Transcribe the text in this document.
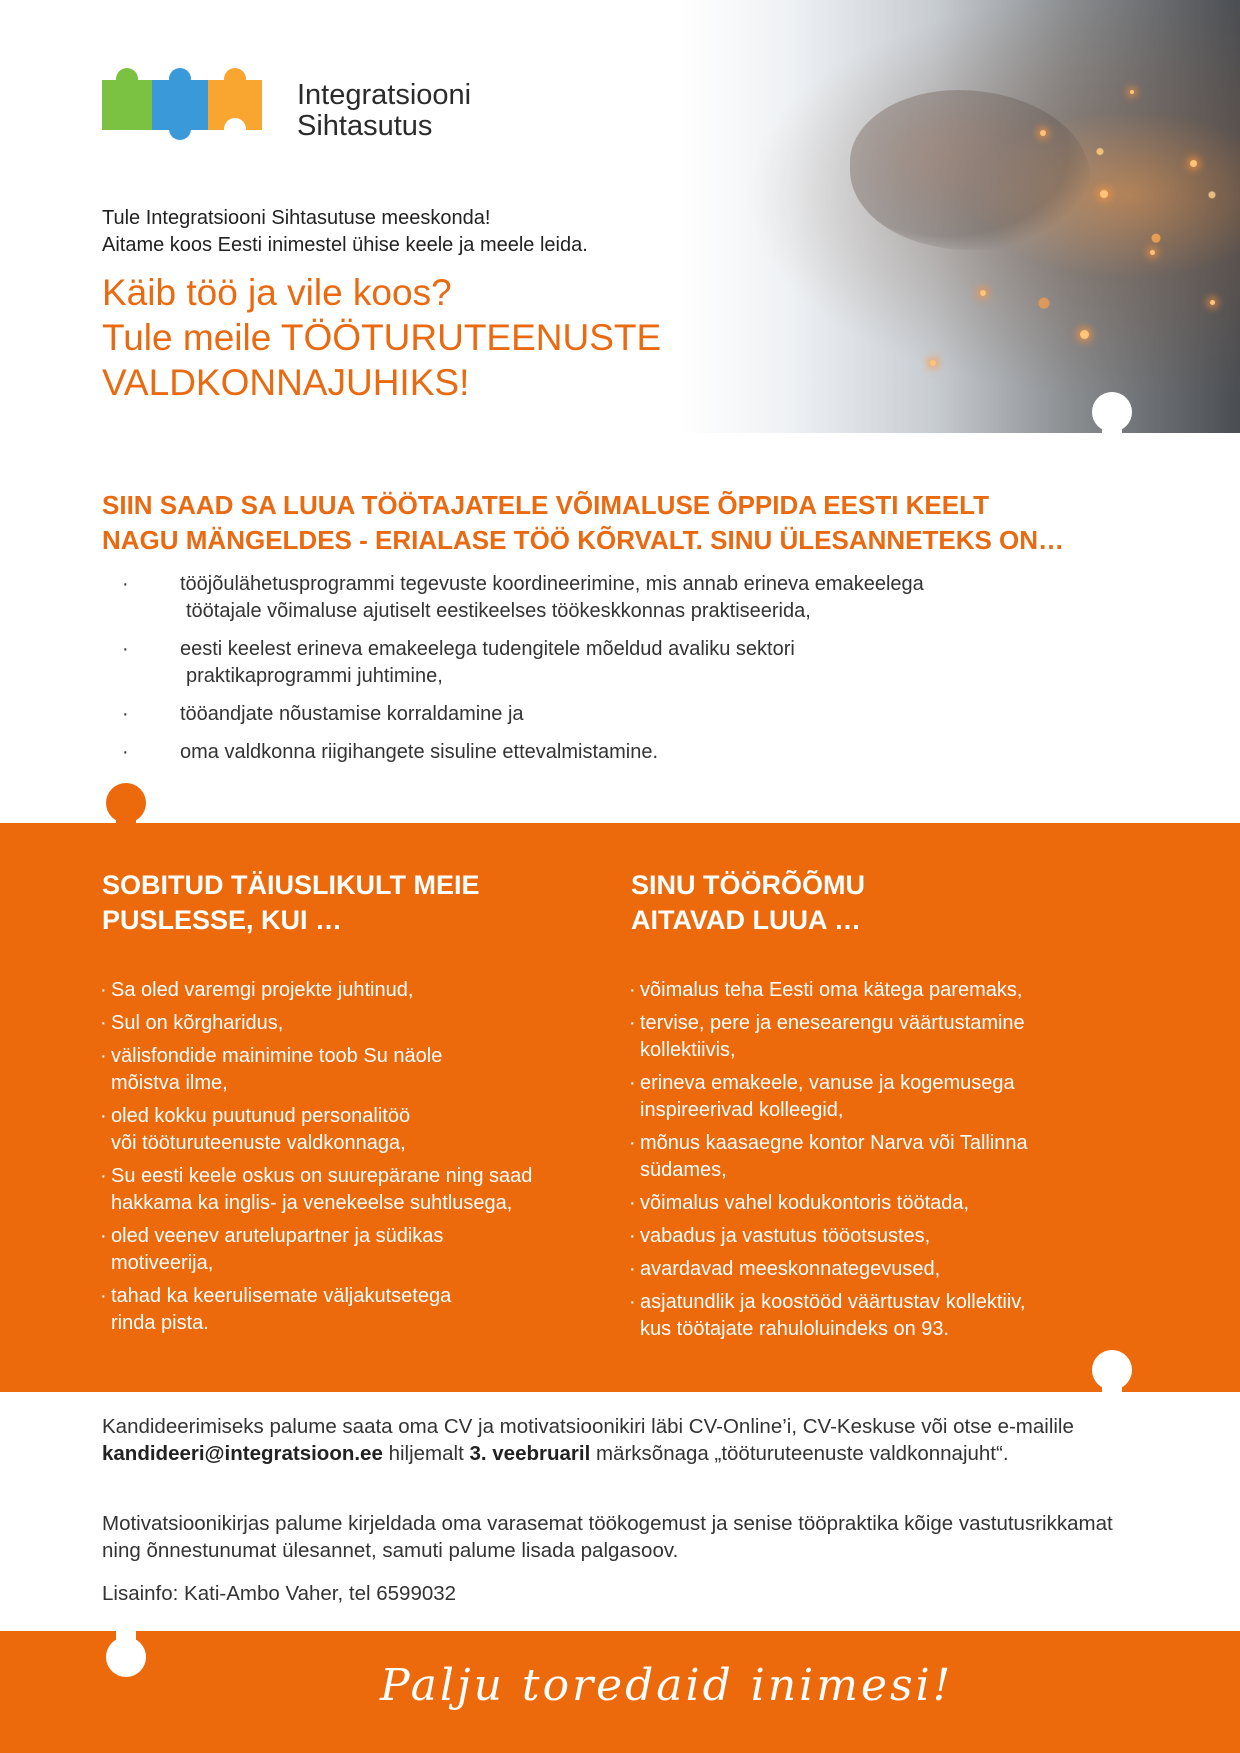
Integratsiooni
Sihtasutus
Tule Integratsiooni Sihtasutuse meeskonda!
Aitame koos Eesti inimestel ühise keele ja meele leida.
Käib töö ja vile koos?
Tule meile TÖÖTURUTEENUSTE
VALDKONNAJUHIKS!
SIIN SAAD SA LUUA TÖÖTAJATELE VÕIMALUSE ÕPPIDA EESTI KEELT
NAGU MÄNGELDES - ERIALASE TÖÖ KÕRVALT. SINU ÜLESANNETEKS ON…
· tööjõulähetusprogrammi tegevuste koordineerimine, mis annab erineva emakeelega
töötajale võimaluse ajutiselt eestikeelses töökeskkonnas praktiseerida,
· eesti keelest erineva emakeelega tudengitele mõeldud avaliku sektori
praktikaprogrammi juhtimine,
· tööandjate nõustamise korraldamine ja
· oma valdkonna riigihangete sisuline ettevalmistamine.
SOBITUD TÄIUSLIKULT MEIE
PUSLESSE, KUI …
· Sa oled varemgi projekte juhtinud,
· Sul on kõrgharidus,
· välisfondide mainimine toob Su näole
mõistva ilme,
· oled kokku puutunud personalitöö
või tööturuteenuste valdkonnaga,
· Su eesti keele oskus on suurepärane ning saad
hakkama ka inglis- ja venekeelse suhtlusega,
· oled veenev arutelupartner ja südikas
motiveerija,
· tahad ka keerulisemate väljakutsetega
rinda pista.
SINU TÖÖRÕÕMU
AITAVAD LUUA …
· võimalus teha Eesti oma kätega paremaks,
· tervise, pere ja enesearengu väärtustamine
kollektiivis,
· erineva emakeele, vanuse ja kogemusega
inspireerivad kolleegid,
· mõnus kaasaegne kontor Narva või Tallinna
südames,
· võimalus vahel kodukontoris töötada,
· vabadus ja vastutus tööotsustes,
· avardavad meeskonnategevused,
· asjatundlik ja koostööd väärtustav kollektiiv,
kus töötajate rahuloluindeks on 93.

Kandideerimiseks palume saata oma CV ja motivatsioonikiri läbi CV-Online’i, CV-Keskuse või otse e-mailile kandideeri@integratsioon.ee hiljemalt 3. veebruaril märksõnaga „tööturuteenuste valdkonnajuht“.

Motivatsioonikirjas palume kirjeldada oma varasemat töökogemust ja senise tööpraktika kõige vastutusrikkamat ning õnnestunumat ülesannet, samuti palume lisada palgasoov.

Lisainfo: Kati-Ambo Vaher, tel 6599032

Palju toredaid inimesi!
